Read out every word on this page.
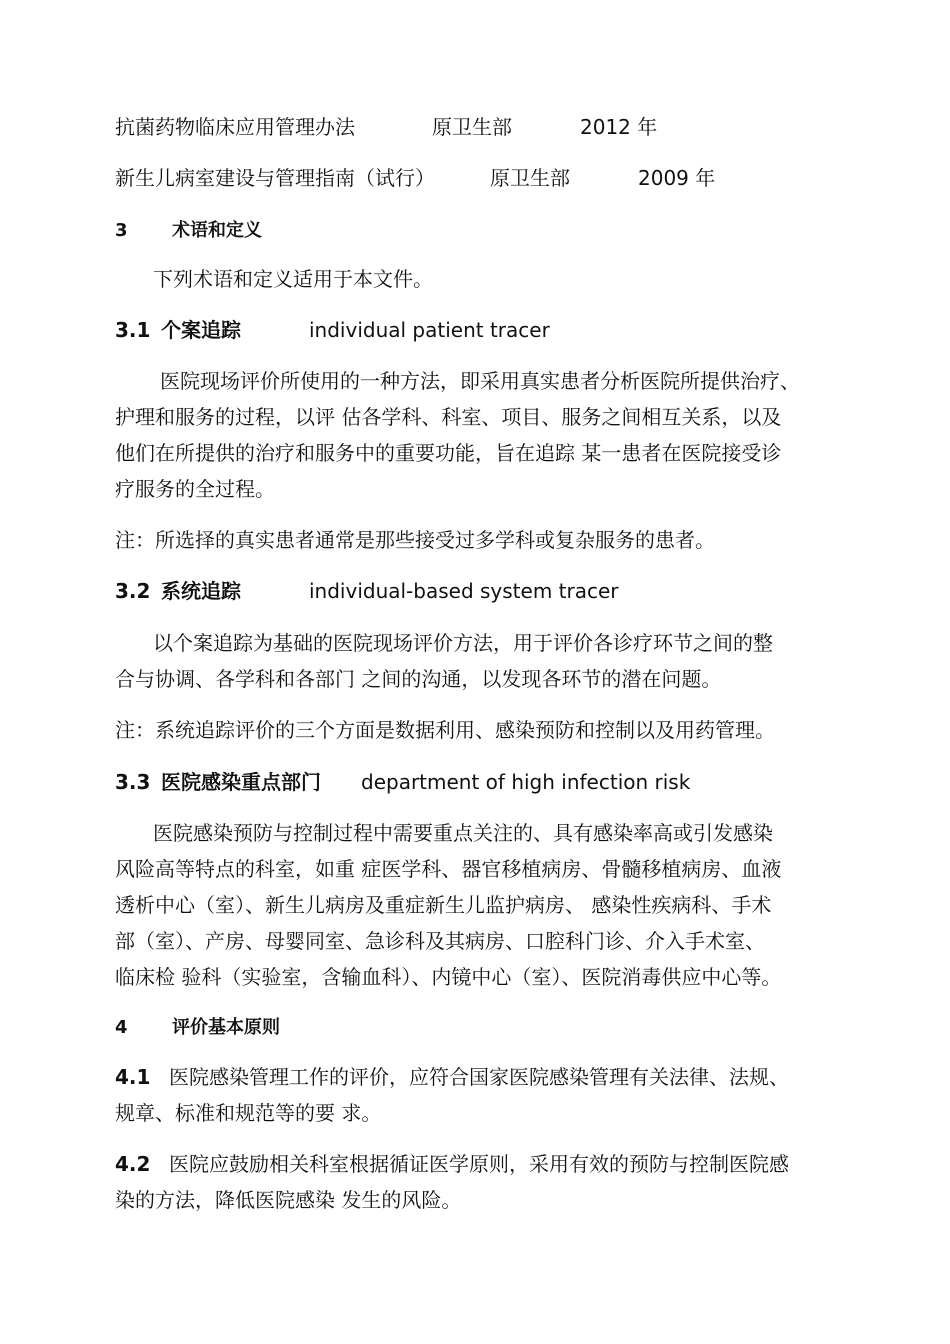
抗菌药物临床应用管理办法	原卫生部	2012 年
新生儿病室建设与管理指南（试行）	原卫生部	2009 年
3 术语和定义
下列术语和定义适用于本文件。
3.1 个案追踪	individual patient tracer
医院现场评价所使用的一种方法，即采用真实患者分析医院所提供治疗、
护理和服务的过程，以评 估各学科、科室、项目、服务之间相互关系，以及
他们在所提供的治疗和服务中的重要功能，旨在追踪 某一患者在医院接受诊
疗服务的全过程。
注：所选择的真实患者通常是那些接受过多学科或复杂服务的患者。
3.2 系统追踪	individual-based system tracer
以个案追踪为基础的医院现场评价方法，用于评价各诊疗环节之间的整
合与协调、各学科和各部门 之间的沟通，以发现各环节的潜在问题。
注：系统追踪评价的三个方面是数据利用、感染预防和控制以及用药管理。
3.3 医院感染重点部门 department of high infection risk
医院感染预防与控制过程中需要重点关注的、具有感染率高或引发感染
风险高等特点的科室，如重 症医学科、器官移植病房、骨髓移植病房、血液
透析中心（室）、新生儿病房及重症新生儿监护病房、 感染性疾病科、手术
部（室）、产房、母婴同室、急诊科及其病房、口腔科门诊、介入手术室、
临床检 验科（实验室，含输血科）、内镜中心（室）、医院消毒供应中心等。
4 评价基本原则
4.1 医院感染管理工作的评价，应符合国家医院感染管理有关法律、法规、
规章、标准和规范等的要 求。
4.2 医院应鼓励相关科室根据循证医学原则，采用有效的预防与控制医院感
染的方法，降低医院感染 发生的风险。
